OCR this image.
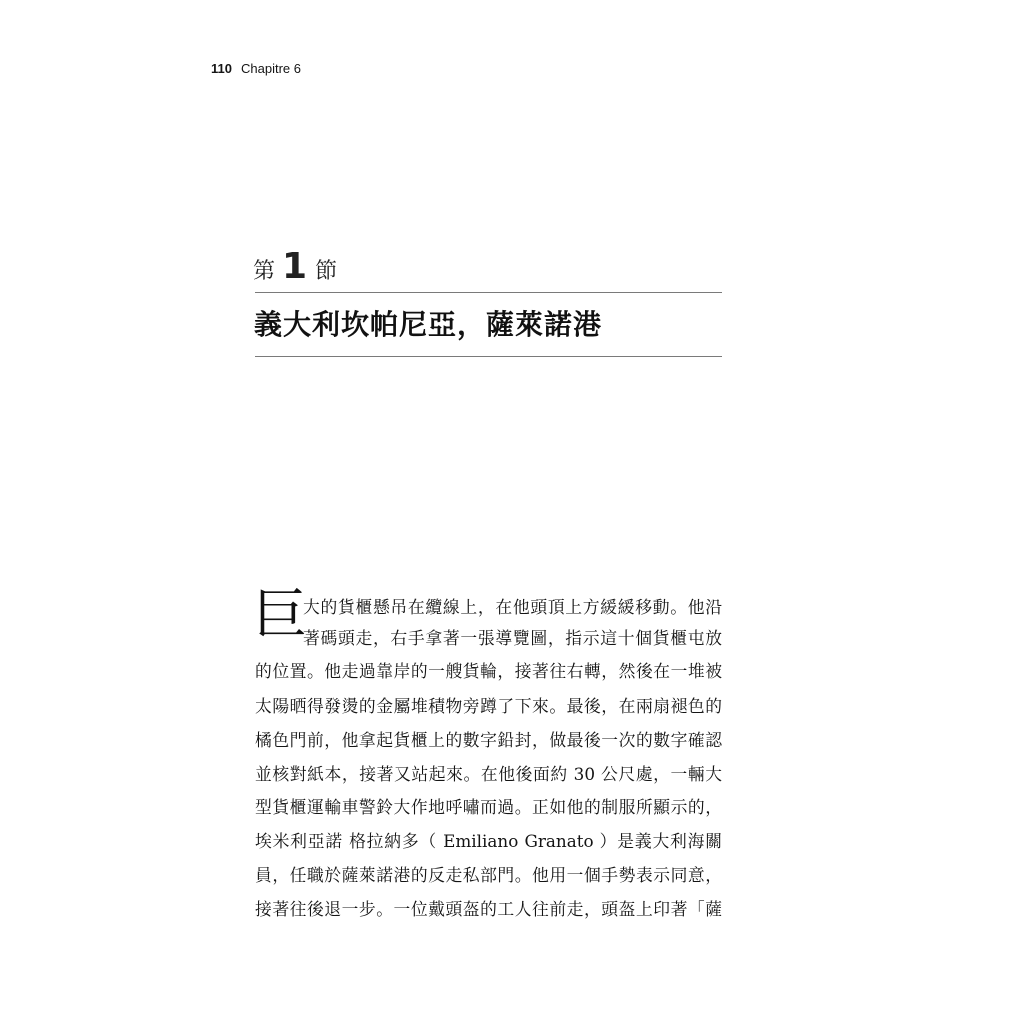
110 Chapitre 6
第 1 節
義大利坎帕尼亞，薩萊諾港
巨
大的貨櫃懸吊在纜線上，在他頭頂上方緩緩移動。他沿
著碼頭走，右手拿著一張導覽圖，指示這十個貨櫃屯放
的位置。他走過靠岸的一艘貨輪，接著往右轉，然後在一堆被
太陽晒得發燙的金屬堆積物旁蹲了下來。最後，在兩扇褪色的
橘色門前，他拿起貨櫃上的數字鉛封，做最後一次的數字確認
並核對紙本，接著又站起來。在他後面約 30 公尺處，一輛大
型貨櫃運輸車警鈴大作地呼嘯而過。正如他的制服所顯示的，
埃米利亞諾 格拉納多（ Emiliano Granato ）是義大利海關
員，任職於薩萊諾港的反走私部門。他用一個手勢表示同意，
接著往後退一步。一位戴頭盔的工人往前走，頭盔上印著「薩
